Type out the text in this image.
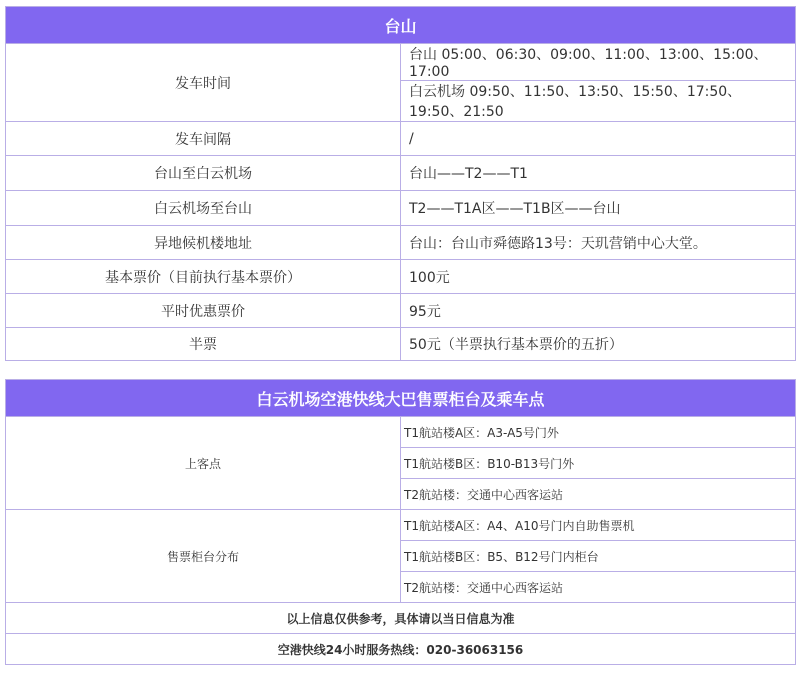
台山	
发车时间	台山 05:00、06:30、09:00、11:00、13:00、15:00、17:00
	白云机场 09:50、11:50、13:50、15:50、17:50、19:50、21:50
发车间隔	/
台山至白云机场	台山——T2——T1
白云机场至台山	T2——T1A区——T1B区——台山
异地候机楼地址	台山：台山市舜德路13号：天玑营销中心大堂。
基本票价（目前执行基本票价）	100元
平时优惠票价	95元
半票	50元（半票执行基本票价的五折）
白云机场空港快线大巴售票柜台及乘车点	
上客点	T1航站楼A区：A3-A5号门外
	T1航站楼B区：B10-B13号门外
	T2航站楼：交通中心西客运站
售票柜台分布	T1航站楼A区：A4、A10号门内自助售票机
	T1航站楼B区：B5、B12号门内柜台
	T2航站楼：交通中心西客运站
以上信息仅供参考，具体请以当日信息为准	
空港快线24小时服务热线：020-36063156	
